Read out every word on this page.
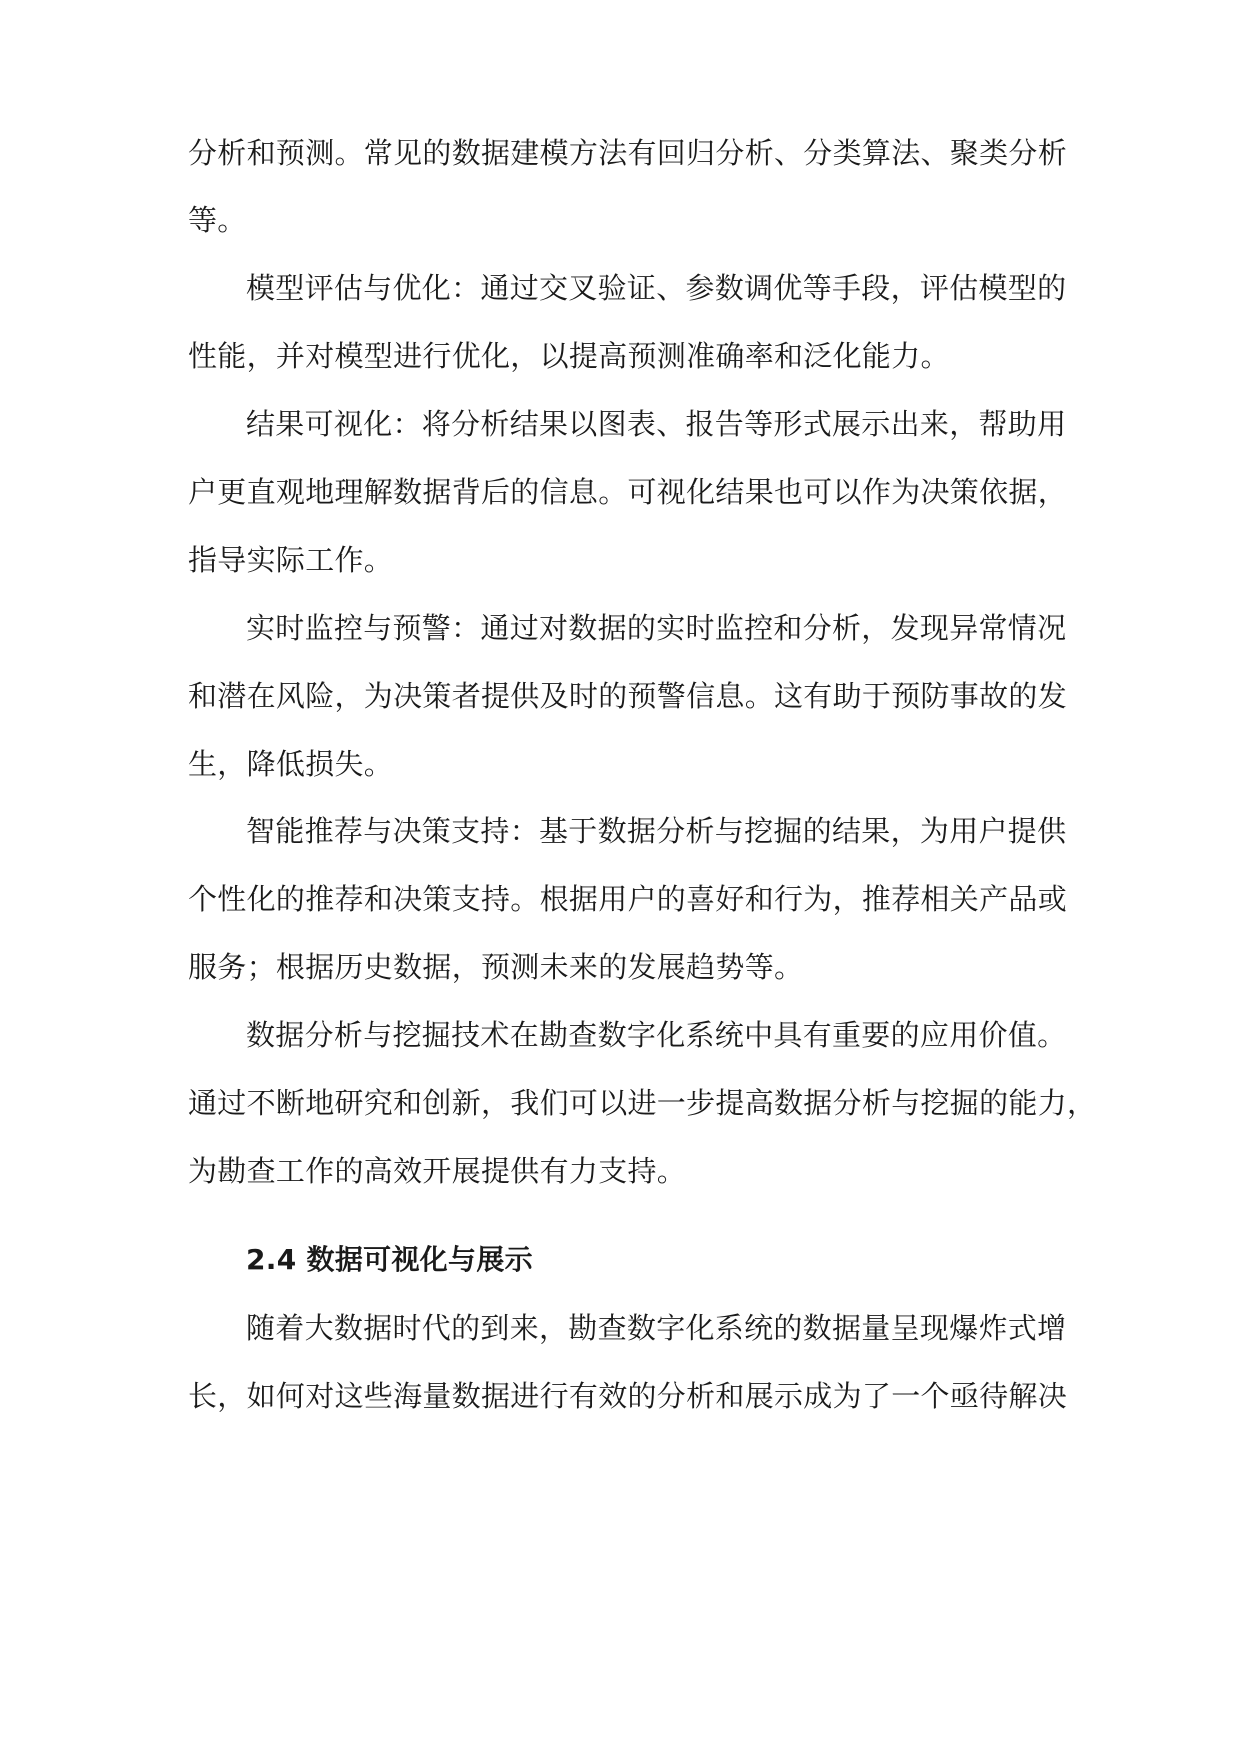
分析和预测。常见的数据建模方法有回归分析、分类算法、聚类分析
等。
模型评估与优化：通过交叉验证、参数调优等手段，评估模型的
性能，并对模型进行优化，以提高预测准确率和泛化能力。
结果可视化：将分析结果以图表、报告等形式展示出来，帮助用
户更直观地理解数据背后的信息。可视化结果也可以作为决策依据，
指导实际工作。
实时监控与预警：通过对数据的实时监控和分析，发现异常情况
和潜在风险，为决策者提供及时的预警信息。这有助于预防事故的发
生，降低损失。
智能推荐与决策支持：基于数据分析与挖掘的结果，为用户提供
个性化的推荐和决策支持。根据用户的喜好和行为，推荐相关产品或
服务；根据历史数据，预测未来的发展趋势等。
数据分析与挖掘技术在勘查数字化系统中具有重要的应用价值。
通过不断地研究和创新，我们可以进一步提高数据分析与挖掘的能力，
为勘查工作的高效开展提供有力支持。
2.4 数据可视化与展示
随着大数据时代的到来，勘查数字化系统的数据量呈现爆炸式增
长，如何对这些海量数据进行有效的分析和展示成为了一个亟待解决
